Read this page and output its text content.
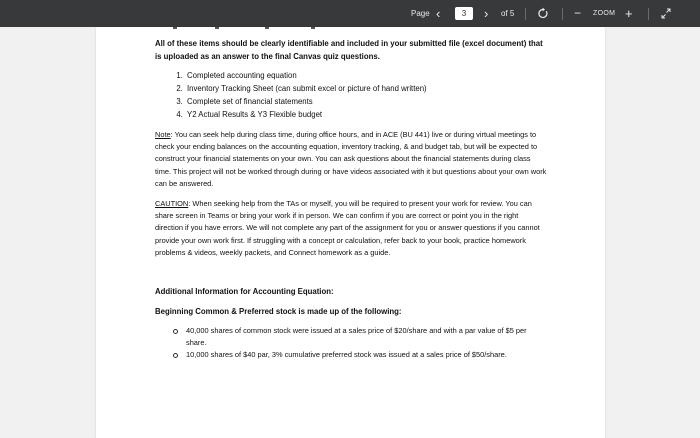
Page ‹	3	› of 5	− ZOOM +

All of these items should be clearly identifiable and included in your submitted file (excel document) that is uploaded as an answer to the final Canvas quiz questions.

1. Completed accounting equation
2. Inventory Tracking Sheet (can submit excel or picture of hand written)
3. Complete set of financial statements
4. Y2 Actual Results & Y3 Flexible budget

Note: You can seek help during class time, during office hours, and in ACE (BU 441) live or during virtual meetings to check your ending balances on the accounting equation, inventory tracking, & and budget tab, but will be expected to construct your financial statements on your own. You can ask questions about the financial statements during class time. This project will not be worked through during or have videos associated with it but questions about your own work can be answered.

CAUTION: When seeking help from the TAs or myself, you will be required to present your work for review. You can share screen in Teams or bring your work if in person. We can confirm if you are correct or point you in the right direction if you have errors. We will not complete any part of the assignment for you or answer questions if you cannot provide your own work first. If struggling with a concept or calculation, refer back to your book, practice homework problems & videos, weekly packets, and Connect homework as a guide.

Additional Information for Accounting Equation:

Beginning Common & Preferred stock is made up of the following:

40,000 shares of common stock were issued at a sales price of $20/share and with a par value of $5 per share.
10,000 shares of $40 par, 3% cumulative preferred stock was issued at a sales price of $50/share.
